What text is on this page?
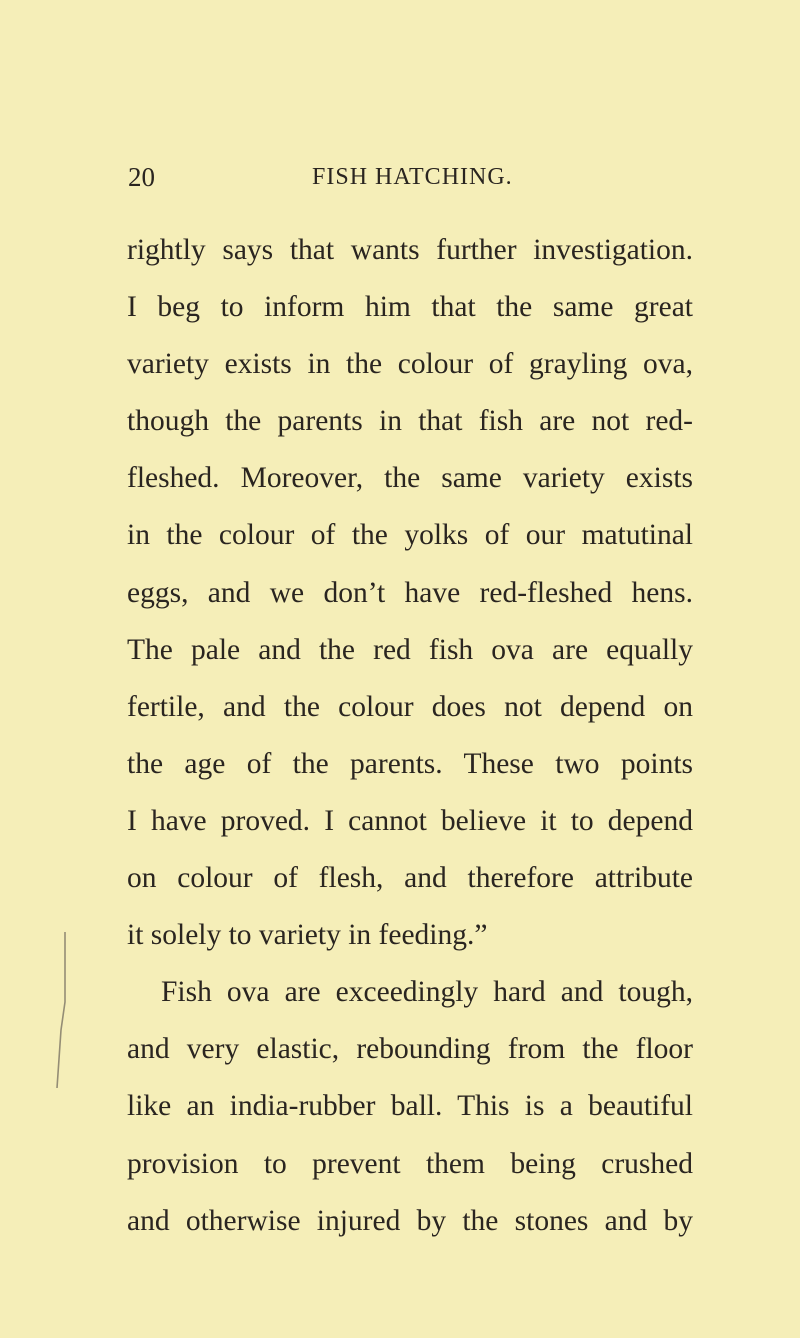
20	FISH HATCHING.
rightly says that wants further investigation.
I beg to inform him that the same great
variety exists in the colour of grayling ova,
though the parents in that fish are not red-
fleshed. Moreover, the same variety exists
in the colour of the yolks of our matutinal
eggs, and we don’t have red-fleshed hens.
The pale and the red fish ova are equally
fertile, and the colour does not depend on
the age of the parents. These two points
I have proved. I cannot believe it to depend
on colour of flesh, and therefore attribute
it solely to variety in feeding.”
Fish ova are exceedingly hard and tough,
and very elastic, rebounding from the floor
like an india-rubber ball. This is a beautiful
provision to prevent them being crushed
and otherwise injured by the stones and by
